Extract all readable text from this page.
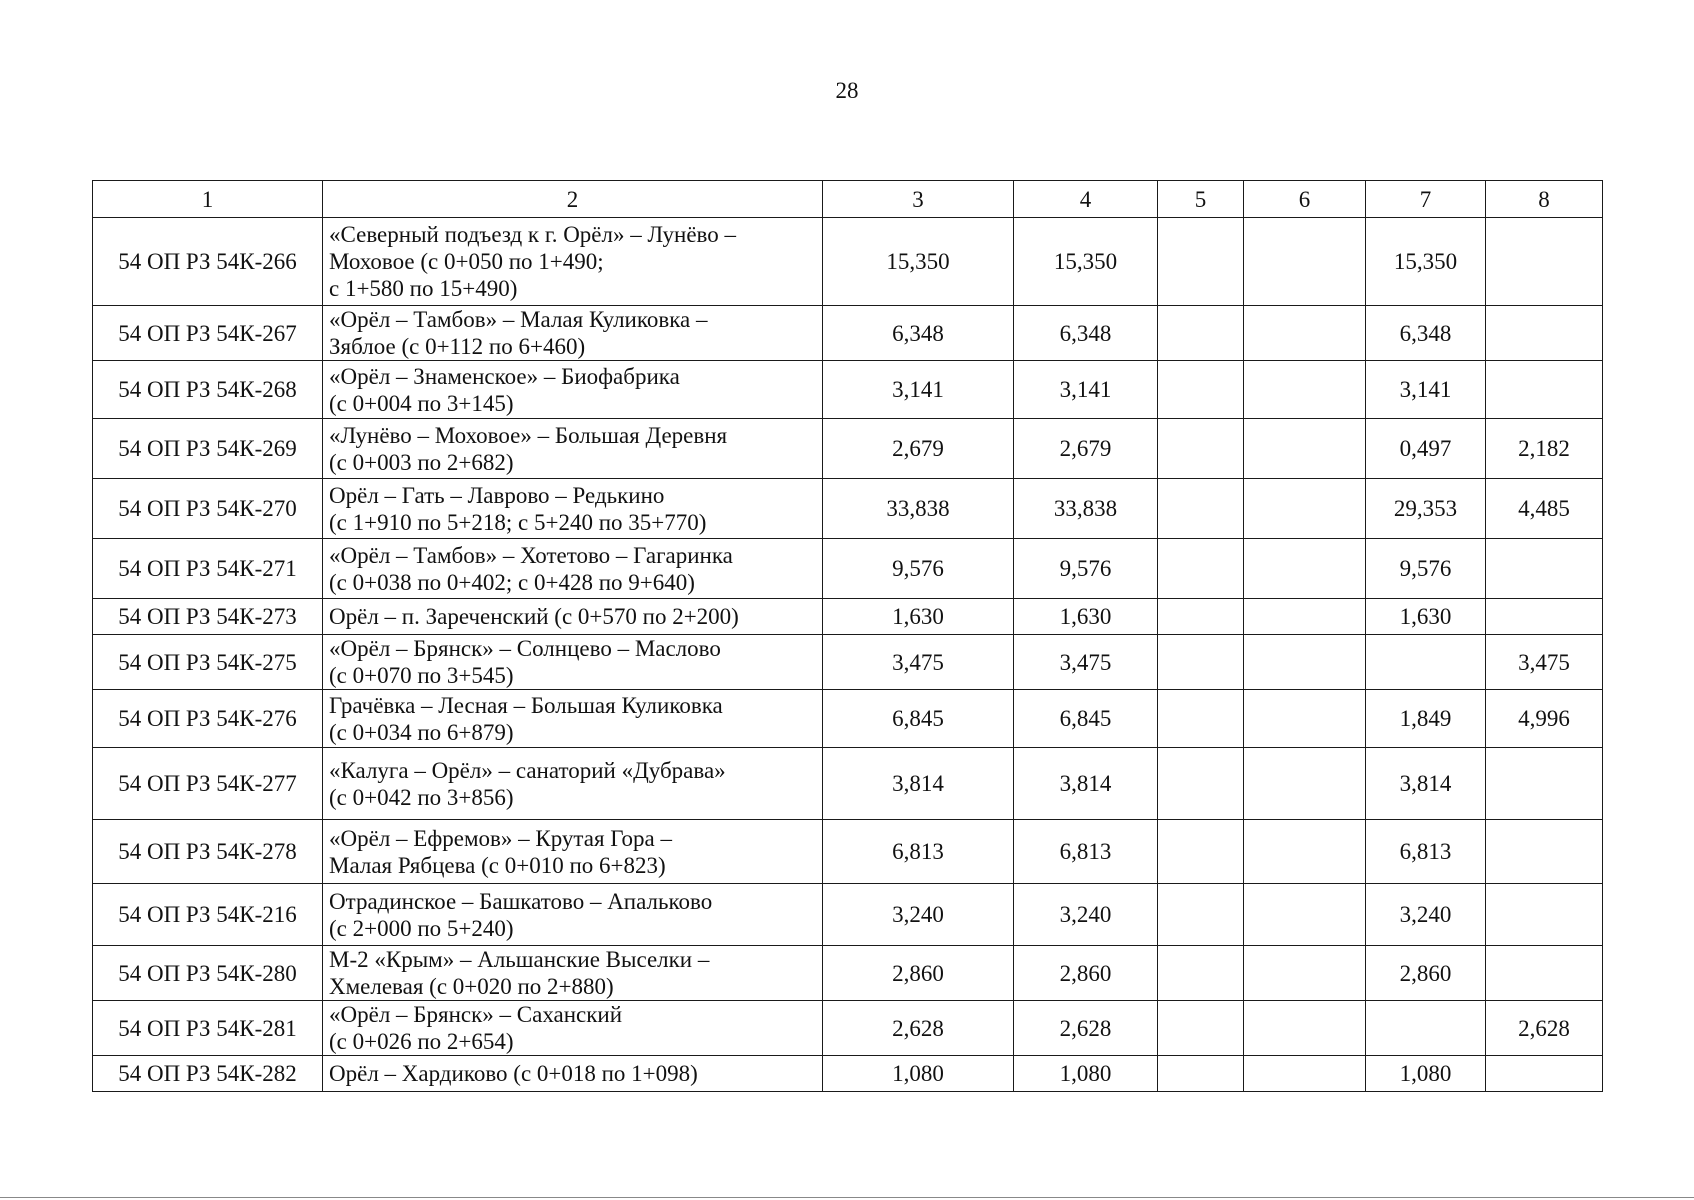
28
1	2	3	4	5	6	7	8
54 ОП РЗ 54К-266	«Северный подъезд к г. Орёл» – Лунёво –
Моховое (с 0+050 по 1+490;
с 1+580 по 15+490)	15,350	15,350			15,350	
54 ОП РЗ 54К-267	«Орёл – Тамбов» – Малая Куликовка –
Зяблое (с 0+112 по 6+460)	6,348	6,348			6,348	
54 ОП РЗ 54К-268	«Орёл – Знаменское» – Биофабрика
(с 0+004 по 3+145)	3,141	3,141			3,141	
54 ОП РЗ 54К-269	«Лунёво – Моховое» – Большая Деревня
(с 0+003 по 2+682)	2,679	2,679			0,497	2,182
54 ОП РЗ 54К-270	Орёл – Гать – Лаврово – Редькино
(с 1+910 по 5+218; с 5+240 по 35+770)	33,838	33,838			29,353	4,485
54 ОП РЗ 54К-271	«Орёл – Тамбов» – Хотетово – Гагаринка
(с 0+038 по 0+402; с 0+428 по 9+640)	9,576	9,576			9,576	
54 ОП РЗ 54К-273	Орёл – п. Зареченский (с 0+570 по 2+200)	1,630	1,630			1,630	
54 ОП РЗ 54К-275	«Орёл – Брянск» – Солнцево – Маслово
(с 0+070 по 3+545)	3,475	3,475				3,475
54 ОП РЗ 54К-276	Грачёвка – Лесная – Большая Куликовка
(с 0+034 по 6+879)	6,845	6,845			1,849	4,996
54 ОП РЗ 54К-277	«Калуга – Орёл» – санаторий «Дубрава»
(с 0+042 по 3+856)	3,814	3,814			3,814	
54 ОП РЗ 54К-278	«Орёл – Ефремов» – Крутая Гора –
Малая Рябцева (с 0+010 по 6+823)	6,813	6,813			6,813	
54 ОП РЗ 54К-216	Отрадинское – Башкатово – Апальково
(с 2+000 по 5+240)	3,240	3,240			3,240	
54 ОП РЗ 54К-280	М-2 «Крым» – Альшанские Выселки –
Хмелевая (с 0+020 по 2+880)	2,860	2,860			2,860	
54 ОП РЗ 54К-281	«Орёл – Брянск» – Саханский
(с 0+026 по 2+654)	2,628	2,628				2,628
54 ОП РЗ 54К-282	Орёл – Хардиково (с 0+018 по 1+098)	1,080	1,080			1,080	
